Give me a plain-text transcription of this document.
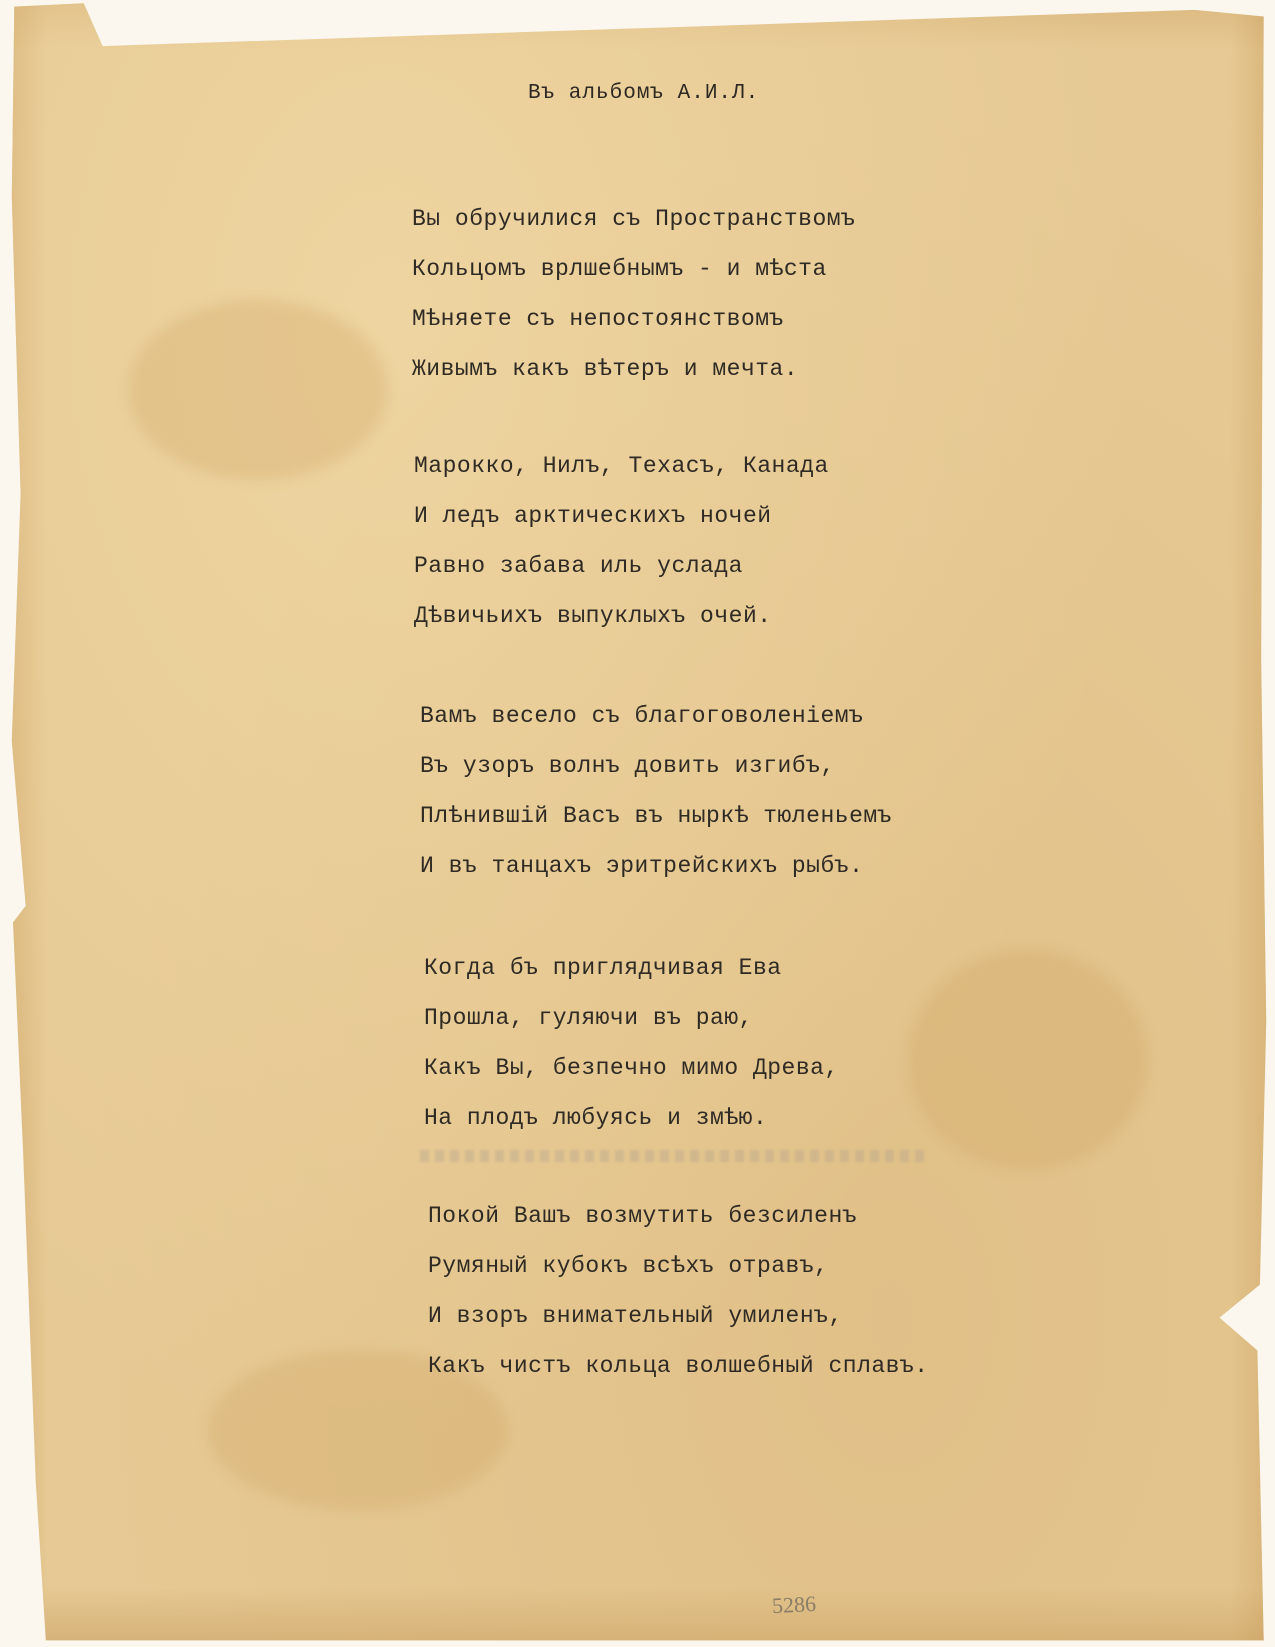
Въ альбомъ А.И.Л.
Вы обручилися съ Пространствомъ
Кольцомъ врлшебнымъ - и мѣста
Мѣняете съ непостоянствомъ
Живымъ какъ вѣтеръ и мечта.
Марокко, Нилъ, Техасъ, Канада
И ледъ арктическихъ ночей
Равно забава иль услада
Дѣвичьихъ выпуклыхъ очей.
Вамъ весело съ благоговоленіемъ
Въ узоръ волнъ довить изгибъ,
Плѣнившій Васъ въ ныркѣ тюленьемъ
И въ танцахъ эритрейскихъ рыбъ.
Когда бъ приглядчивая Ева
Прошла, гуляючи въ раю,
Какъ Вы, безпечно мимо Древа,
На плодъ любуясь и змѣю.
Покой Вашъ возмутить безсиленъ
Румяный кубокъ всѣхъ отравъ,
И взоръ внимательный умиленъ,
Какъ чистъ кольца волшебный сплавъ.
5286
